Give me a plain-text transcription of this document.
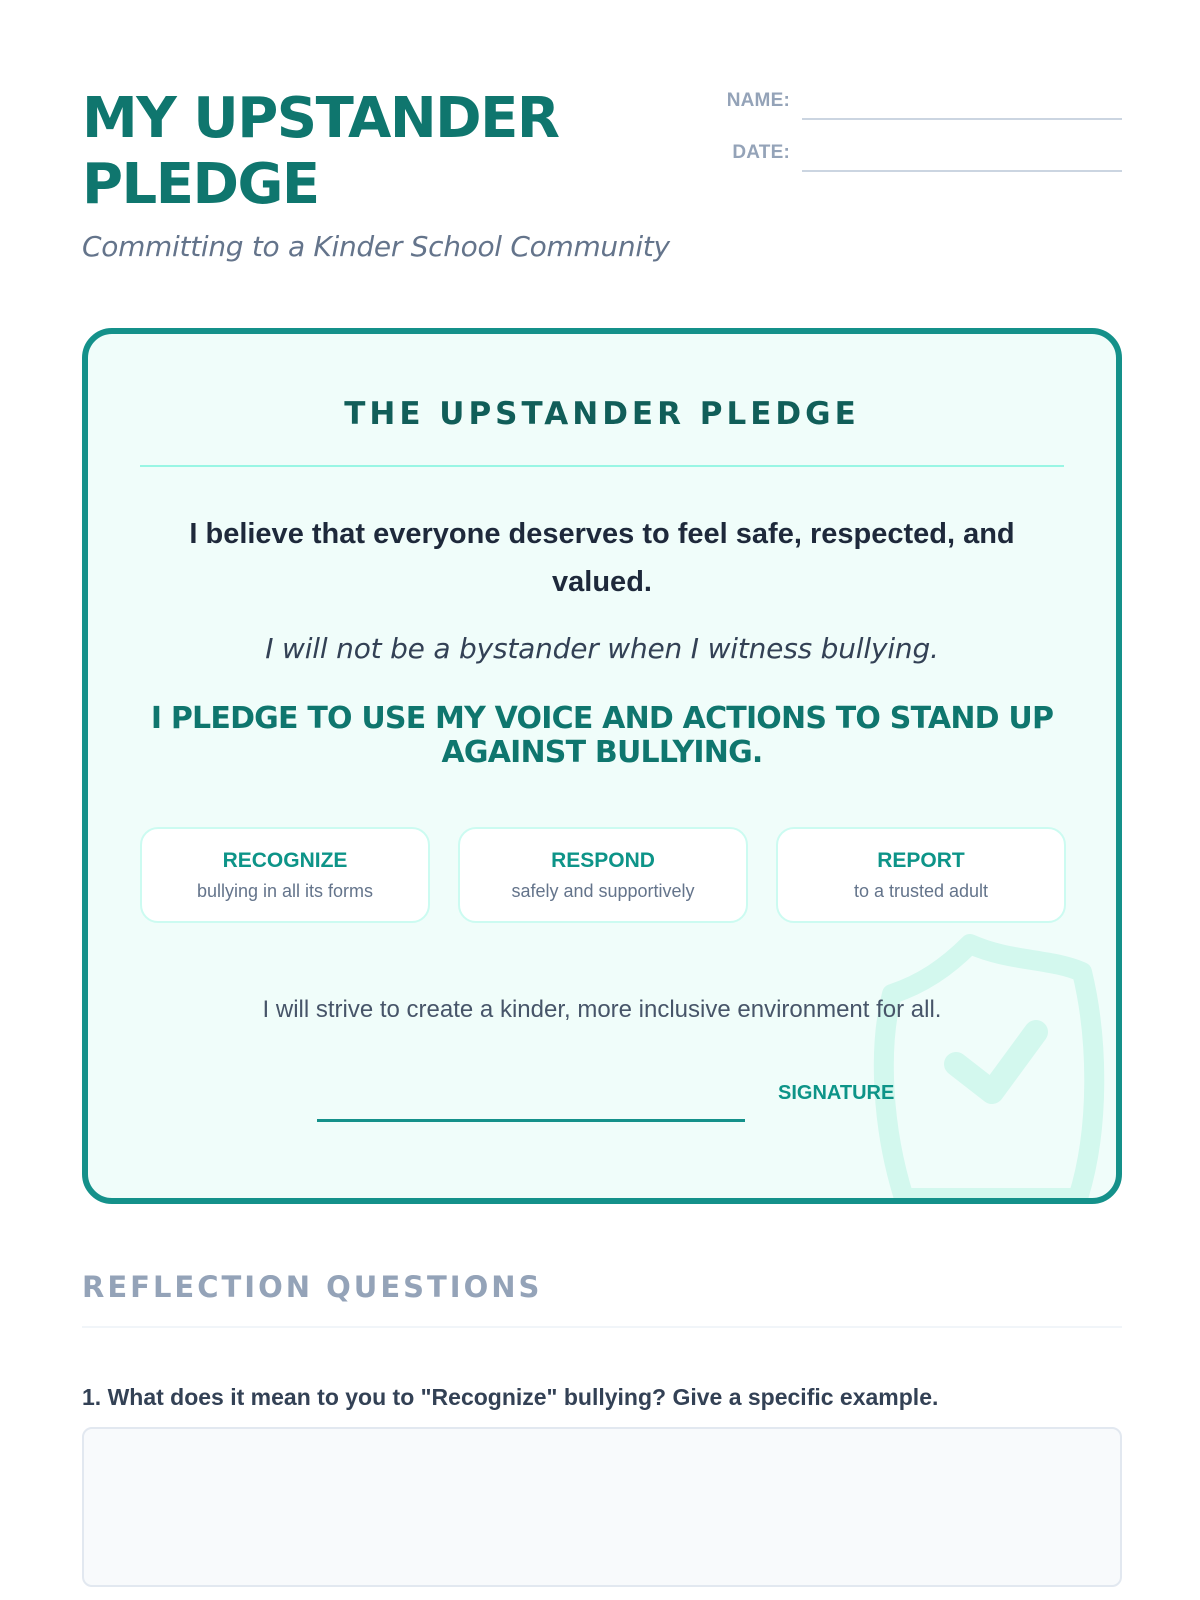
MY UPSTANDER PLEDGE
Committing to a Kinder School Community
NAME:
DATE:
THE UPSTANDER PLEDGE

I believe that everyone deserves to feel safe, respected, and valued.

I will not be a bystander when I witness bullying.

I PLEDGE TO USE MY VOICE AND ACTIONS TO STAND UP AGAINST BULLYING.

RECOGNIZE
bullying in all its forms
RESPOND
safely and supportively
REPORT
to a trusted adult
I will strive to create a kinder, more inclusive environment for all.
SIGNATURE
REFLECTION QUESTIONS
1. What does it mean to you to "Recognize" bullying? Give a specific example.
